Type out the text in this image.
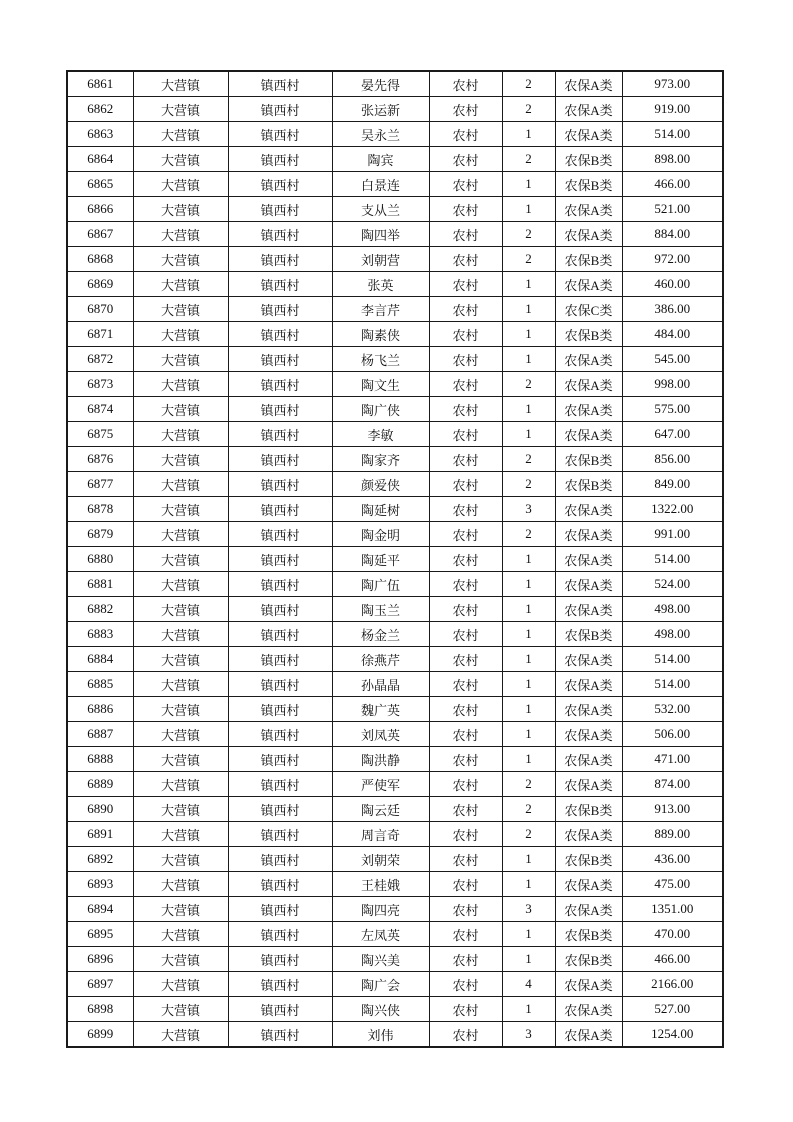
6861	大营镇	镇西村	晏先得	农村	2	农保A类	973.00
6862	大营镇	镇西村	张运新	农村	2	农保A类	919.00
6863	大营镇	镇西村	吴永兰	农村	1	农保A类	514.00
6864	大营镇	镇西村	陶宾	农村	2	农保B类	898.00
6865	大营镇	镇西村	白景连	农村	1	农保B类	466.00
6866	大营镇	镇西村	支从兰	农村	1	农保A类	521.00
6867	大营镇	镇西村	陶四举	农村	2	农保A类	884.00
6868	大营镇	镇西村	刘朝营	农村	2	农保B类	972.00
6869	大营镇	镇西村	张英	农村	1	农保A类	460.00
6870	大营镇	镇西村	李言芹	农村	1	农保C类	386.00
6871	大营镇	镇西村	陶素侠	农村	1	农保B类	484.00
6872	大营镇	镇西村	杨飞兰	农村	1	农保A类	545.00
6873	大营镇	镇西村	陶文生	农村	2	农保A类	998.00
6874	大营镇	镇西村	陶广侠	农村	1	农保A类	575.00
6875	大营镇	镇西村	李敏	农村	1	农保A类	647.00
6876	大营镇	镇西村	陶家齐	农村	2	农保B类	856.00
6877	大营镇	镇西村	颜爱侠	农村	2	农保B类	849.00
6878	大营镇	镇西村	陶延树	农村	3	农保A类	1322.00
6879	大营镇	镇西村	陶金明	农村	2	农保A类	991.00
6880	大营镇	镇西村	陶延平	农村	1	农保A类	514.00
6881	大营镇	镇西村	陶广伍	农村	1	农保A类	524.00
6882	大营镇	镇西村	陶玉兰	农村	1	农保A类	498.00
6883	大营镇	镇西村	杨金兰	农村	1	农保B类	498.00
6884	大营镇	镇西村	徐燕芹	农村	1	农保A类	514.00
6885	大营镇	镇西村	孙晶晶	农村	1	农保A类	514.00
6886	大营镇	镇西村	魏广英	农村	1	农保A类	532.00
6887	大营镇	镇西村	刘凤英	农村	1	农保A类	506.00
6888	大营镇	镇西村	陶洪静	农村	1	农保A类	471.00
6889	大营镇	镇西村	严使军	农村	2	农保A类	874.00
6890	大营镇	镇西村	陶云廷	农村	2	农保B类	913.00
6891	大营镇	镇西村	周言奇	农村	2	农保A类	889.00
6892	大营镇	镇西村	刘朝荣	农村	1	农保B类	436.00
6893	大营镇	镇西村	王桂娥	农村	1	农保A类	475.00
6894	大营镇	镇西村	陶四亮	农村	3	农保A类	1351.00
6895	大营镇	镇西村	左凤英	农村	1	农保B类	470.00
6896	大营镇	镇西村	陶兴美	农村	1	农保B类	466.00
6897	大营镇	镇西村	陶广会	农村	4	农保A类	2166.00
6898	大营镇	镇西村	陶兴侠	农村	1	农保A类	527.00
6899	大营镇	镇西村	刘伟	农村	3	农保A类	1254.00
